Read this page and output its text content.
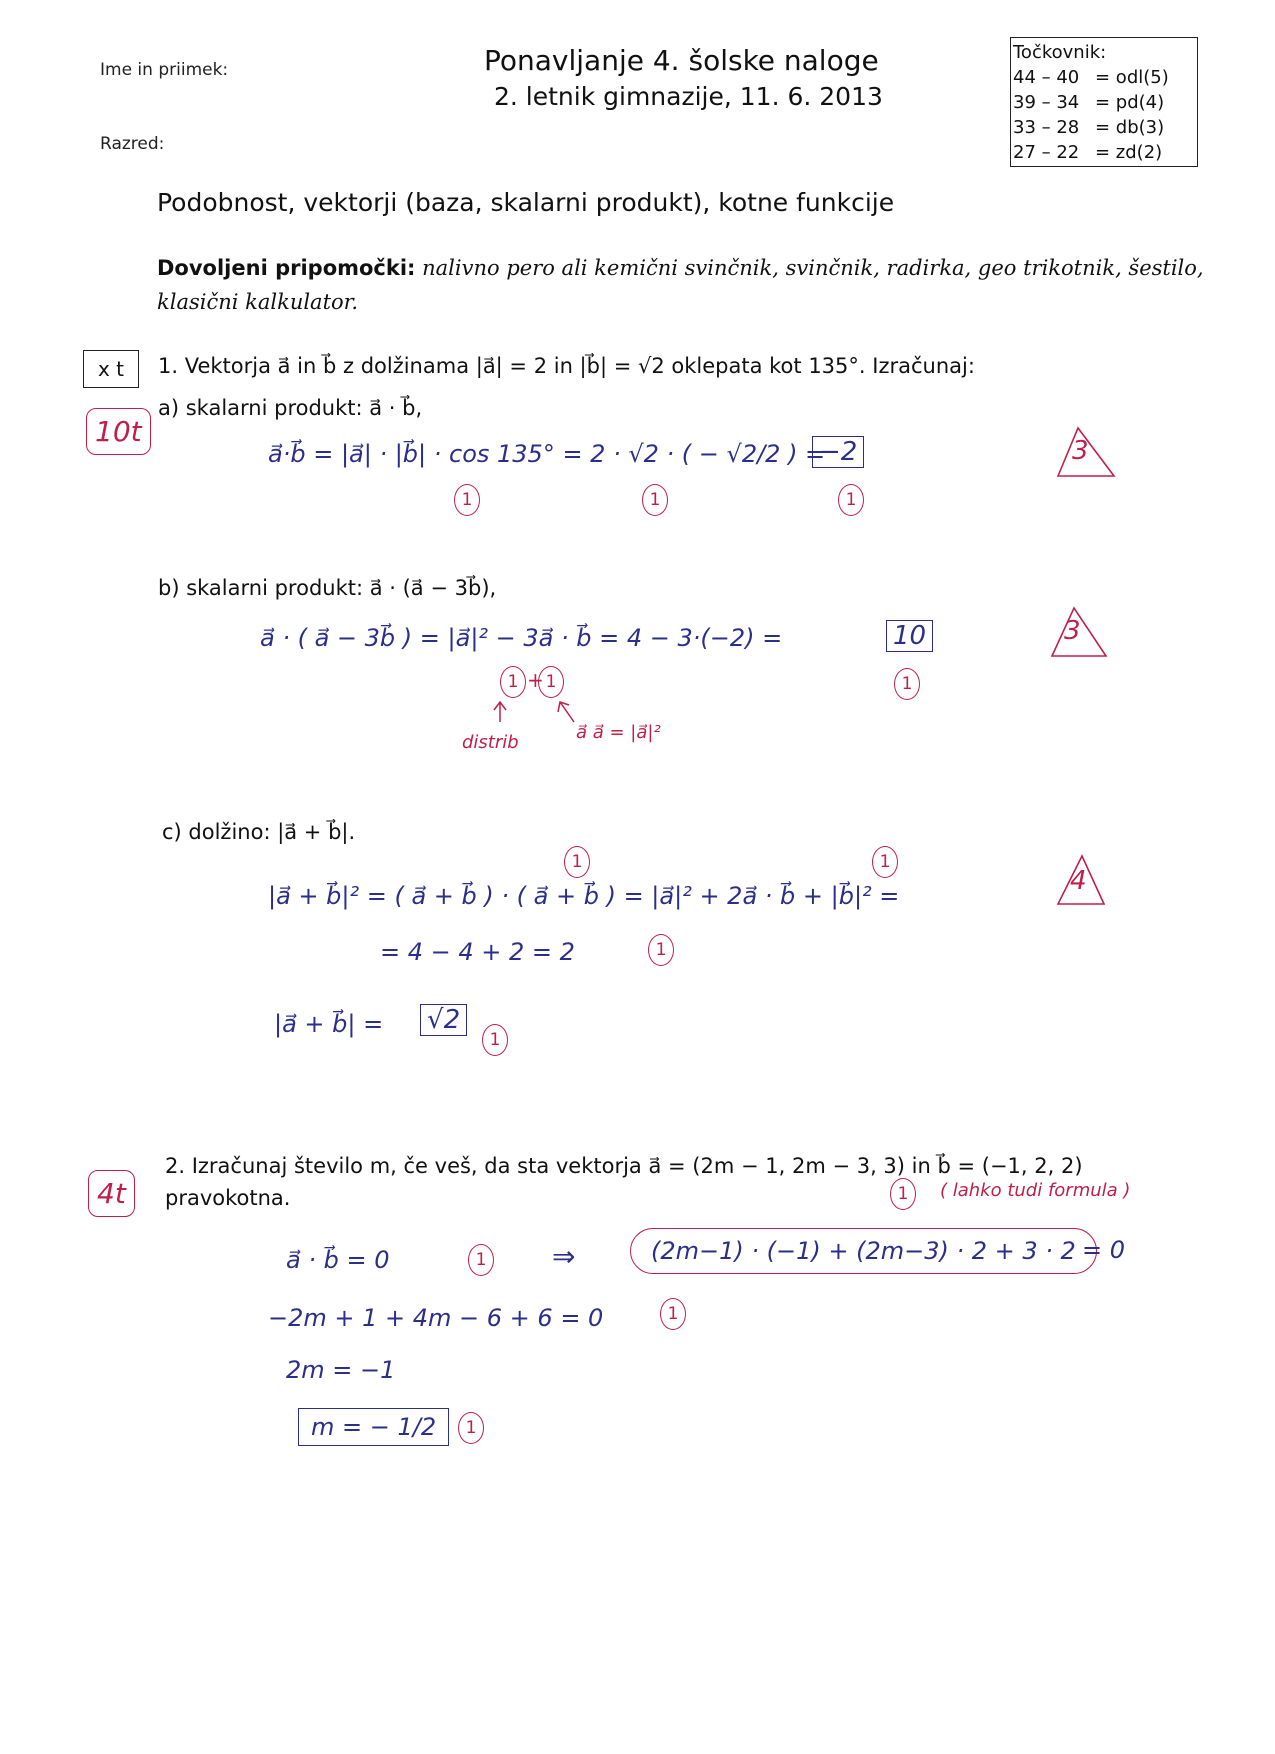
Ime in priimek:
Razred:
Ponavljanje 4. šolske naloge
2. letnik gimnazije, 11. 6. 2013
Točkovnik:
44 – 40 = odl(5)
39 – 34 = pd(4)
33 – 28 = db(3)
27 – 22 = zd(2)
Podobnost, vektorji (baza, skalarni produkt), kotne funkcije
Dovoljeni pripomočki: nalivno pero ali kemični svinčnik, svinčnik, radirka, geo trikotnik, šestilo,
klasični kalkulator.
x t	1. Vektorja a⃗ in b⃗ z dolžinama |a⃗| = 2 in |b⃗| = √2 oklepata kot 135°. Izračunaj:
10t
a) skalarni produkt: a⃗ · b⃗,
a⃗·b⃗ = |a⃗| · |b⃗| · cos 135° = 2 · √2 · ( − √2/2 ) =
−2
1	1	1
3
b) skalarni produkt: a⃗ · (a⃗ − 3b⃗),
a⃗ · ( a⃗ − 3b⃗ ) = |a⃗|² − 3a⃗ · b⃗ = 4 − 3·(−2) =	10
1 + 1	1
distrib	a⃗ a⃗ = |a⃗|²
3
c) dolžino: |a⃗ + b⃗|.
|a⃗ + b⃗|² = ( a⃗ + b⃗ ) · ( a⃗ + b⃗ ) = |a⃗|² + 2a⃗ · b⃗ + |b⃗|² =
= 4 − 4 + 2 = 2
1	1
1
|a⃗ + b⃗| = √2
1
4
2. Izračunaj število m, če veš, da sta vektorja a⃗ = (2m − 1, 2m − 3, 3) in b⃗ = (−1, 2, 2)
pravokotna.
4t	1	( lahko tudi formula )
a⃗ · b⃗ = 0	1 ⇒	(2m−1) · (−1) + (2m−3) · 2 + 3 · 2 = 0
−2m + 1 + 4m − 6 + 6 = 0	1
2m = −1
m = − 1/2	1
